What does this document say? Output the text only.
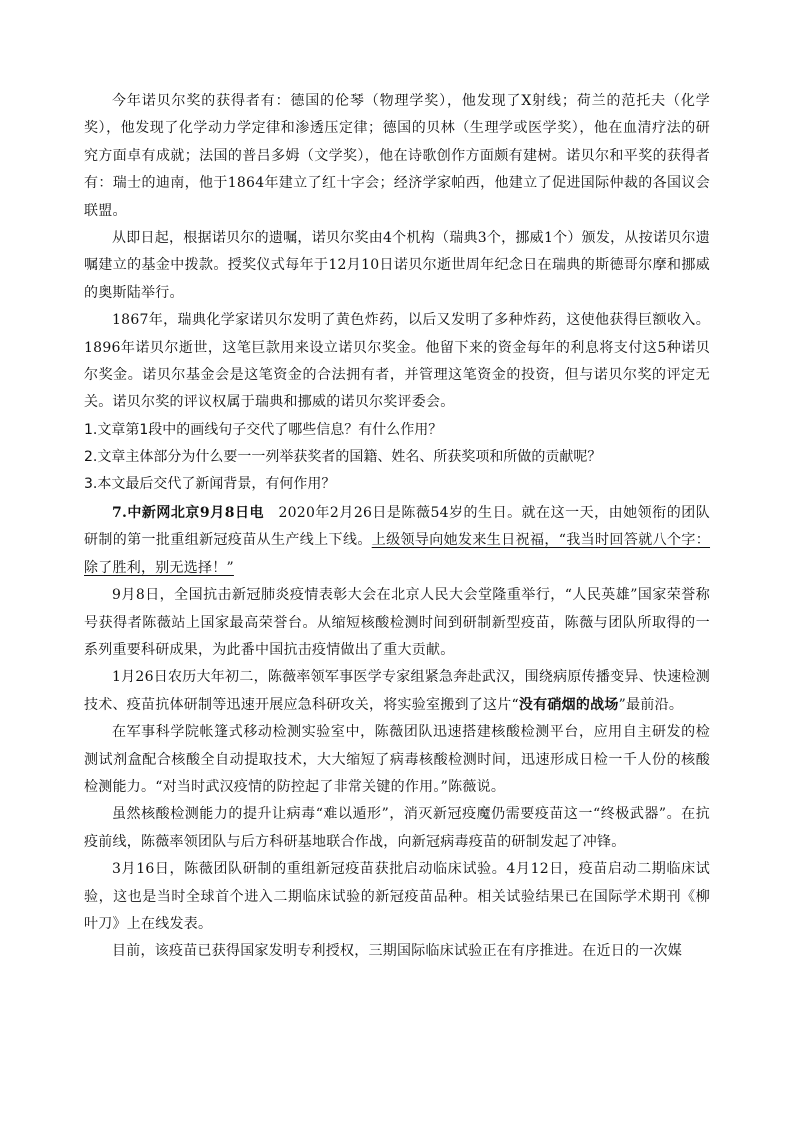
今年诺贝尔奖的获得者有：德国的伦琴（物理学奖），他发现了X射线；荷兰的范托夫（化学奖），他发现了化学动力学定律和渗透压定律；德国的贝林（生理学或医学奖），他在血清疗法的研究方面卓有成就；法国的普吕多姆（文学奖），他在诗歌创作方面颇有建树。诺贝尔和平奖的获得者有：瑞士的迪南，他于1864年建立了红十字会；经济学家帕西，他建立了促进国际仲裁的各国议会联盟。

从即日起，根据诺贝尔的遗嘱，诺贝尔奖由4个机构（瑞典3个，挪威1个）颁发，从按诺贝尔遗嘱建立的基金中拨款。授奖仪式每年于12月10日诺贝尔逝世周年纪念日在瑞典的斯德哥尔摩和挪威的奥斯陆举行。

1867年，瑞典化学家诺贝尔发明了黄色炸药，以后又发明了多种炸药，这使他获得巨额收入。1896年诺贝尔逝世，这笔巨款用来设立诺贝尔奖金。他留下来的资金每年的利息将支付这5种诺贝尔奖金。诺贝尔基金会是这笔资金的合法拥有者，并管理这笔资金的投资，但与诺贝尔奖的评定无关。诺贝尔奖的评议权属于瑞典和挪威的诺贝尔奖评委会。

1.文章第1段中的画线句子交代了哪些信息？有什么作用？

2.文章主体部分为什么要一一列举获奖者的国籍、姓名、所获奖项和所做的贡献呢？

3.本文最后交代了新闻背景，有何作用？

7.中新网北京9月8日电　2020年2月26日是陈薇54岁的生日。就在这一天，由她领衔的团队研制的第一批重组新冠疫苗从生产线上下线。上级领导向她发来生日祝福，“我当时回答就八个字：除了胜利，别无选择！”

9月8日，全国抗击新冠肺炎疫情表彰大会在北京人民大会堂隆重举行，“人民英雄”国家荣誉称号获得者陈薇站上国家最高荣誉台。从缩短核酸检测时间到研制新型疫苗，陈薇与团队所取得的一系列重要科研成果，为此番中国抗击疫情做出了重大贡献。

1月26日农历大年初二，陈薇率领军事医学专家组紧急奔赴武汉，围绕病原传播变异、快速检测技术、疫苗抗体研制等迅速开展应急科研攻关，将实验室搬到了这片“没有硝烟的战场”最前沿。

在军事科学院帐篷式移动检测实验室中，陈薇团队迅速搭建核酸检测平台，应用自主研发的检测试剂盒配合核酸全自动提取技术，大大缩短了病毒核酸检测时间，迅速形成日检一千人份的核酸检测能力。“对当时武汉疫情的防控起了非常关键的作用。”陈薇说。

虽然核酸检测能力的提升让病毒“难以遁形”，消灭新冠疫魔仍需要疫苗这一“终极武器”。在抗疫前线，陈薇率领团队与后方科研基地联合作战，向新冠病毒疫苗的研制发起了冲锋。

3月16日，陈薇团队研制的重组新冠疫苗获批启动临床试验。4月12日，疫苗启动二期临床试验，这也是当时全球首个进入二期临床试验的新冠疫苗品种。相关试验结果已在国际学术期刊《柳叶刀》上在线发表。

目前，该疫苗已获得国家发明专利授权，三期国际临床试验正在有序推进。在近日的一次媒
